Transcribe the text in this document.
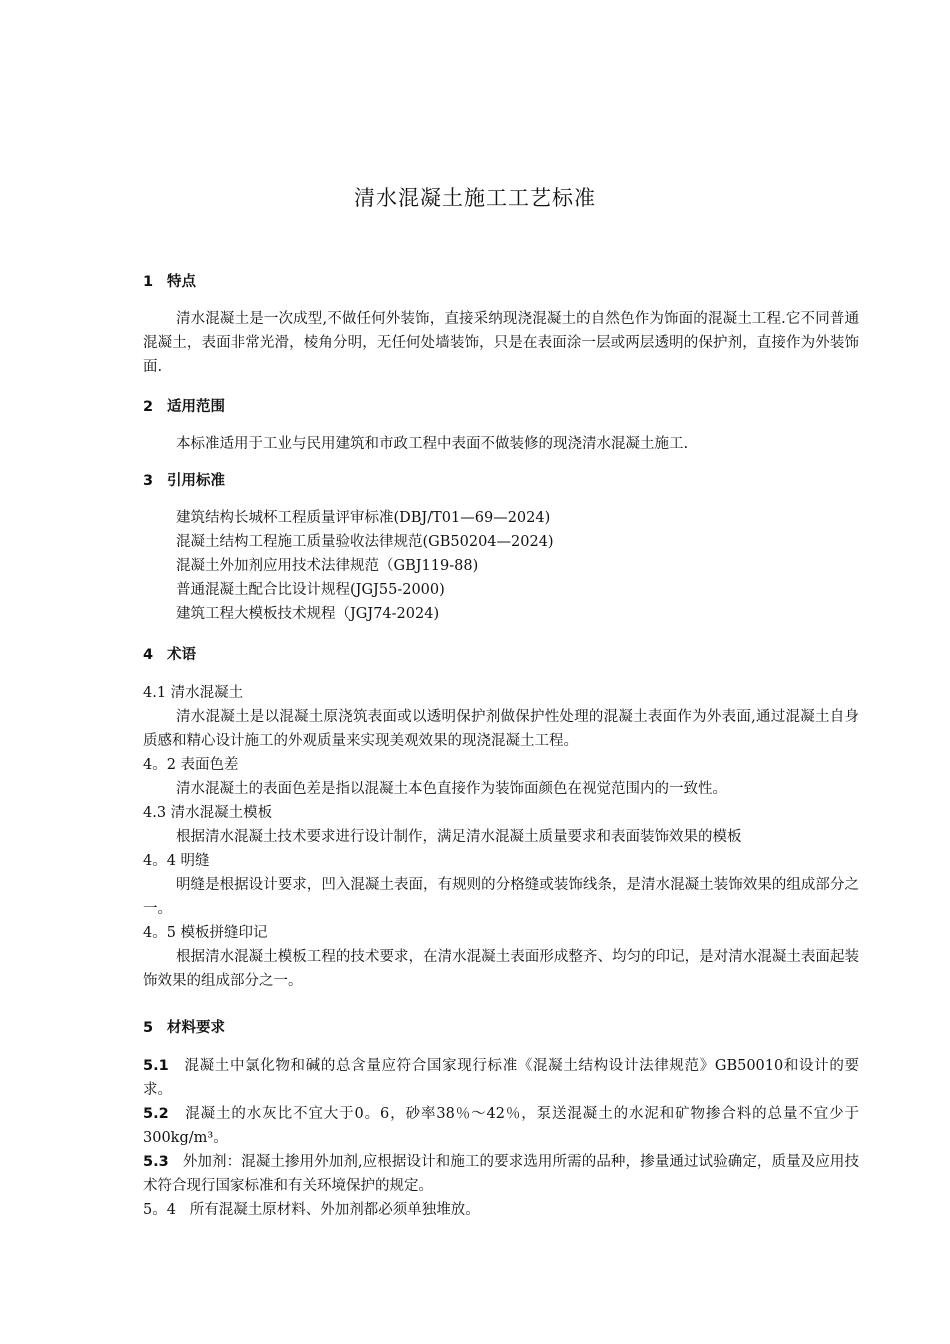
清水混凝土施工工艺标准
1 特点
清水混凝土是一次成型,不做任何外装饰，直接采纳现浇混凝土的自然色作为饰面的混凝土工程.它不同普通混凝土，表面非常光滑，棱角分明，无任何处墙装饰，只是在表面涂一层或两层透明的保护剂，直接作为外装饰面.
2 适用范围
本标准适用于工业与民用建筑和市政工程中表面不做装修的现浇清水混凝土施工.
3 引用标准
建筑结构长城杯工程质量评审标准(DBJ/T01—69—2024)
混凝土结构工程施工质量验收法律规范(GB50204—2024)
混凝土外加剂应用技术法律规范（GBJ119-88)
普通混凝土配合比设计规程(JGJ55-2000)
建筑工程大模板技术规程（JGJ74-2024)
4 术语
4.1 清水混凝土
清水混凝土是以混凝土原浇筑表面或以透明保护剂做保护性处理的混凝土表面作为外表面,通过混凝土自身质感和精心设计施工的外观质量来实现美观效果的现浇混凝土工程。
4。2 表面色差
清水混凝土的表面色差是指以混凝土本色直接作为装饰面颜色在视觉范围内的一致性。
4.3 清水混凝土模板
根据清水混凝土技术要求进行设计制作，满足清水混凝土质量要求和表面装饰效果的模板
4。4 明缝
明缝是根据设计要求，凹入混凝土表面，有规则的分格缝或装饰线条，是清水混凝土装饰效果的组成部分之一。
4。5 模板拼缝印记
根据清水混凝土模板工程的技术要求，在清水混凝土表面形成整齐、均匀的印记，是对清水混凝土表面起装饰效果的组成部分之一。
5 材料要求
5.1 混凝土中氯化物和碱的总含量应符合国家现行标准《混凝土结构设计法律规范》GB50010和设计的要求。
5.2 混凝土的水灰比不宜大于0。6，砂率38％～42％，泵送混凝土的水泥和矿物掺合料的总量不宜少于300kg/m³。
5.3 外加剂：混凝土掺用外加剂,应根据设计和施工的要求选用所需的品种，掺量通过试验确定，质量及应用技术符合现行国家标准和有关环境保护的规定。
5。4 所有混凝土原材料、外加剂都必须单独堆放。
